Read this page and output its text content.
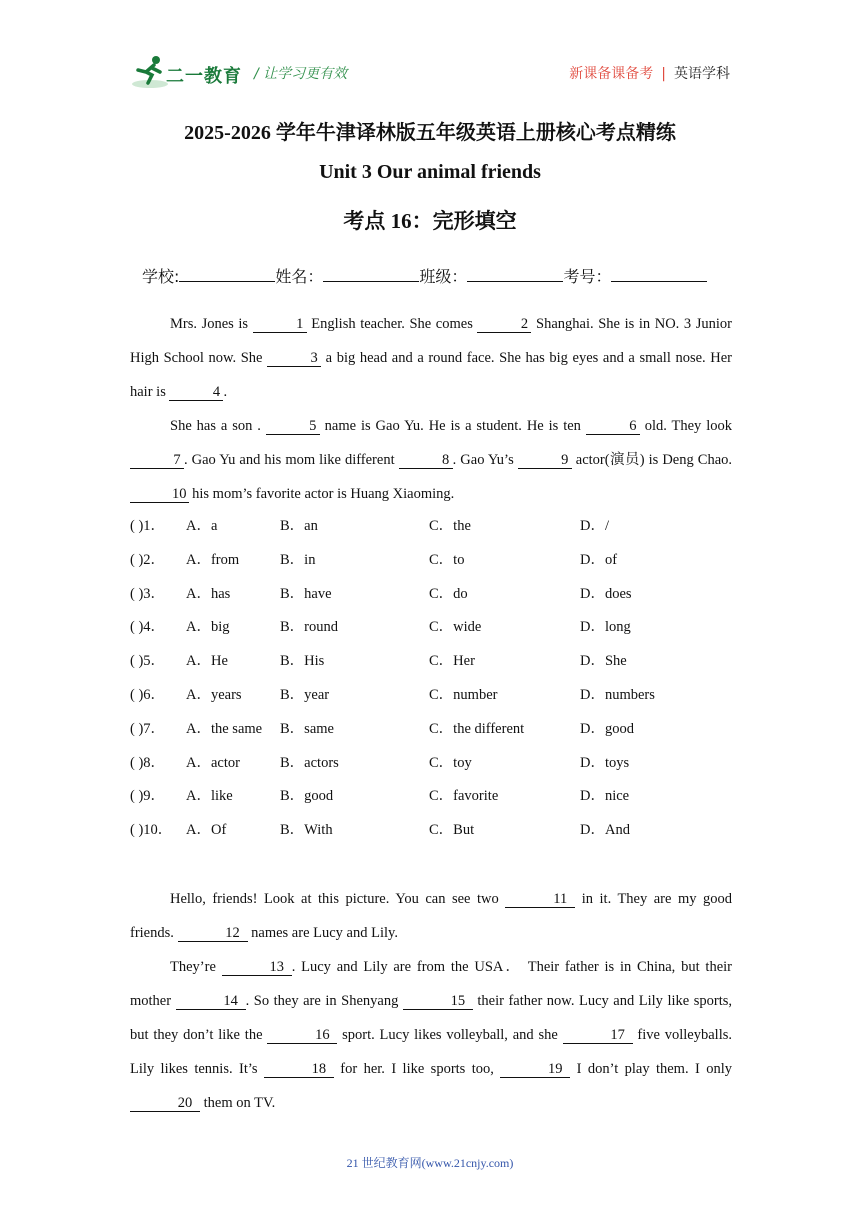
二一教育 / 让学习更有效	新课备课备考 | 英语学科
2025-2026 学年牛津译林版五年级英语上册核心考点精练
Unit 3 Our animal friends
考点 16：完形填空
学校:	姓名：	班级：	考号：

Mrs. Jones is	1 English teacher. She comes	2 Shanghai. She is in NO. 3 Junior High School now. She	3 a big head and a round face. She has big eyes and a small nose. Her hair is	4 .

She has a son .	5 name is Gao Yu. He is a student. He is ten	6 old. They look 7 . Gao Yu and his mom like different	8 . Gao Yu’s	9 actor(演员) is Deng Chao. 10 his mom’s favorite actor is Huang Xiaoming.

( )1． A．a	B．an	C．the	D．/
( )2． A．from	B．in	C．to	D．of
( )3． A．has	B．have	C．do	D．does
( )4． A．big	B．round	C．wide	D．long
( )5． A．He	B．His	C．Her	D．She
( )6． A．years	B．year	C．number	D．numbers
( )7． A．the same B．same	C．the different	D．good
( )8． A．actor	B．actors	C．toy	D．toys
( )9． A．like	B．good	C．favorite	D．nice
( )10． A．Of	B．With	C．But	D．And

Hello, friends! Look at this picture. You can see two	11 in it. They are my good friends.	12 names are Lucy and Lily.

They’re	13 . Lucy and Lily are from the USA． Their father is in China, but their mother	14 . So they are in Shenyang	15 their father now. Lucy and Lily like sports, but they don’t like the	16 sport. Lucy likes volleyball, and she	17 five volleyballs. Lily likes tennis. It’s	18 for her. I like sports too,	19 I don’t play them. I only 20 them on TV.

21 世纪教育网(www.21cnjy.com)
